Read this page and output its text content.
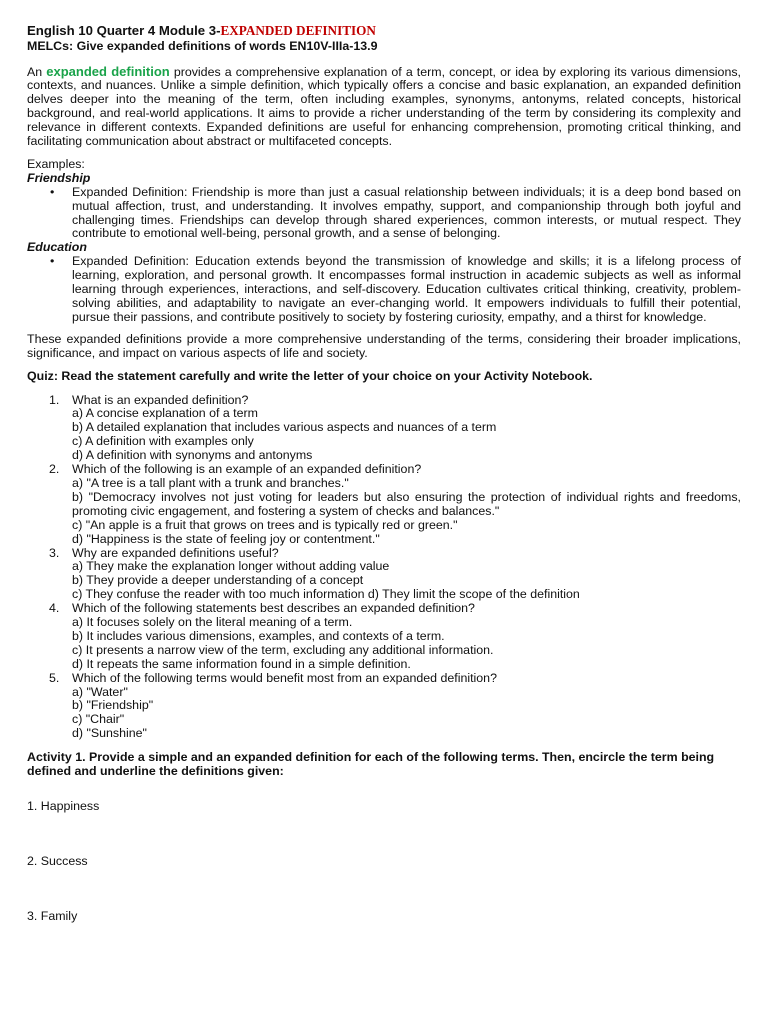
English 10 Quarter 4 Module 3-EXPANDED DEFINITION
MELCs: Give expanded definitions of words EN10V-IIIa-13.9

An expanded definition provides a comprehensive explanation of a term, concept, or idea by exploring its various dimensions, contexts, and nuances. Unlike a simple definition, which typically offers a concise and basic explanation, an expanded definition delves deeper into the meaning of the term, often including examples, synonyms, antonyms, related concepts, historical background, and real-world applications. It aims to provide a richer understanding of the term by considering its complexity and relevance in different contexts. Expanded definitions are useful for enhancing comprehension, promoting critical thinking, and facilitating communication about abstract or multifaceted concepts.

Examples:

Friendship
• Expanded Definition: Friendship is more than just a casual relationship between individuals; it is a deep bond based on mutual affection, trust, and understanding. It involves empathy, support, and companionship through both joyful and challenging times. Friendships can develop through shared experiences, common interests, or mutual respect. They contribute to emotional well-being, personal growth, and a sense of belonging.
Education
• Expanded Definition: Education extends beyond the transmission of knowledge and skills; it is a lifelong process of learning, exploration, and personal growth. It encompasses formal instruction in academic subjects as well as informal learning through experiences, interactions, and self-discovery. Education cultivates critical thinking, creativity, problem-solving abilities, and adaptability to navigate an ever-changing world. It empowers individuals to fulfill their potential, pursue their passions, and contribute positively to society by fostering curiosity, empathy, and a thirst for knowledge.

These expanded definitions provide a more comprehensive understanding of the terms, considering their broader implications, significance, and impact on various aspects of life and society.

Quiz: Read the statement carefully and write the letter of your choice on your Activity Notebook.

1. What is an expanded definition?
a) A concise explanation of a term
b) A detailed explanation that includes various aspects and nuances of a term
c) A definition with examples only
d) A definition with synonyms and antonyms
2. Which of the following is an example of an expanded definition?
a) "A tree is a tall plant with a trunk and branches."
b) "Democracy involves not just voting for leaders but also ensuring the protection of individual rights and freedoms, promoting civic engagement, and fostering a system of checks and balances."
c) "An apple is a fruit that grows on trees and is typically red or green."
d) "Happiness is the state of feeling joy or contentment."
3. Why are expanded definitions useful?
a) They make the explanation longer without adding value
b) They provide a deeper understanding of a concept
c) They confuse the reader with too much information d) They limit the scope of the definition
4. Which of the following statements best describes an expanded definition?
a) It focuses solely on the literal meaning of a term.
b) It includes various dimensions, examples, and contexts of a term.
c) It presents a narrow view of the term, excluding any additional information.
d) It repeats the same information found in a simple definition.
5. Which of the following terms would benefit most from an expanded definition?
a) "Water"
b) "Friendship"
c) "Chair"
d) "Sunshine"

Activity 1. Provide a simple and an expanded definition for each of the following terms. Then, encircle the term being defined and underline the definitions given:

1. Happiness
2. Success
3. Family
